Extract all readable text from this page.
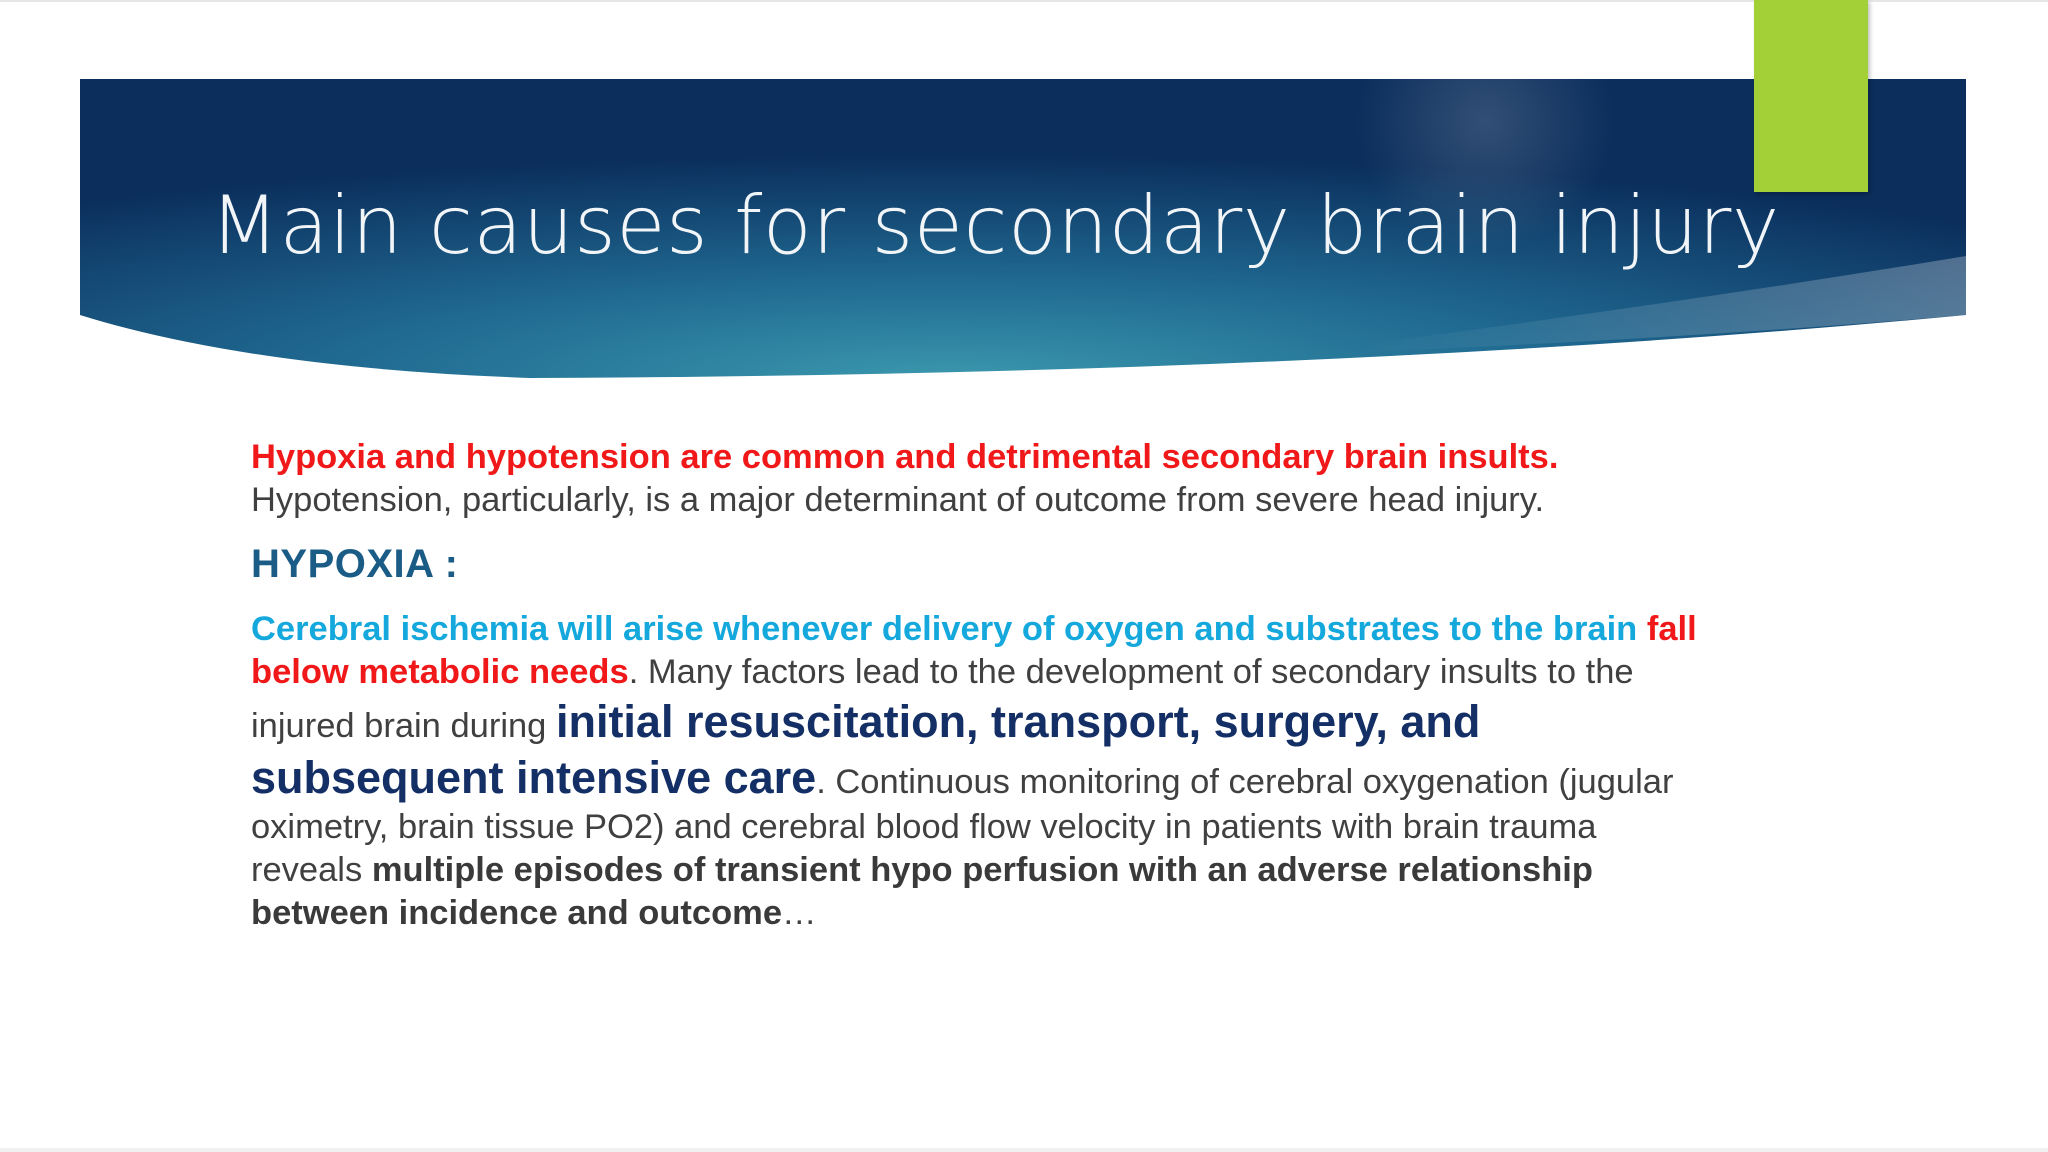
Main causes for secondary brain injury

Hypoxia and hypotension are common and detrimental secondary brain insults. Hypotension, particularly, is a major determinant of outcome from severe head injury.

HYPOXIA :

Cerebral ischemia will arise whenever delivery of oxygen and substrates to the brain fall below metabolic needs. Many factors lead to the development of secondary insults to the injured brain during initial resuscitation, transport, surgery, and subsequent intensive care. Continuous monitoring of cerebral oxygenation (jugular oximetry, brain tissue PO2) and cerebral blood flow velocity in patients with brain trauma reveals multiple episodes of transient hypo perfusion with an adverse relationship between incidence and outcome…
